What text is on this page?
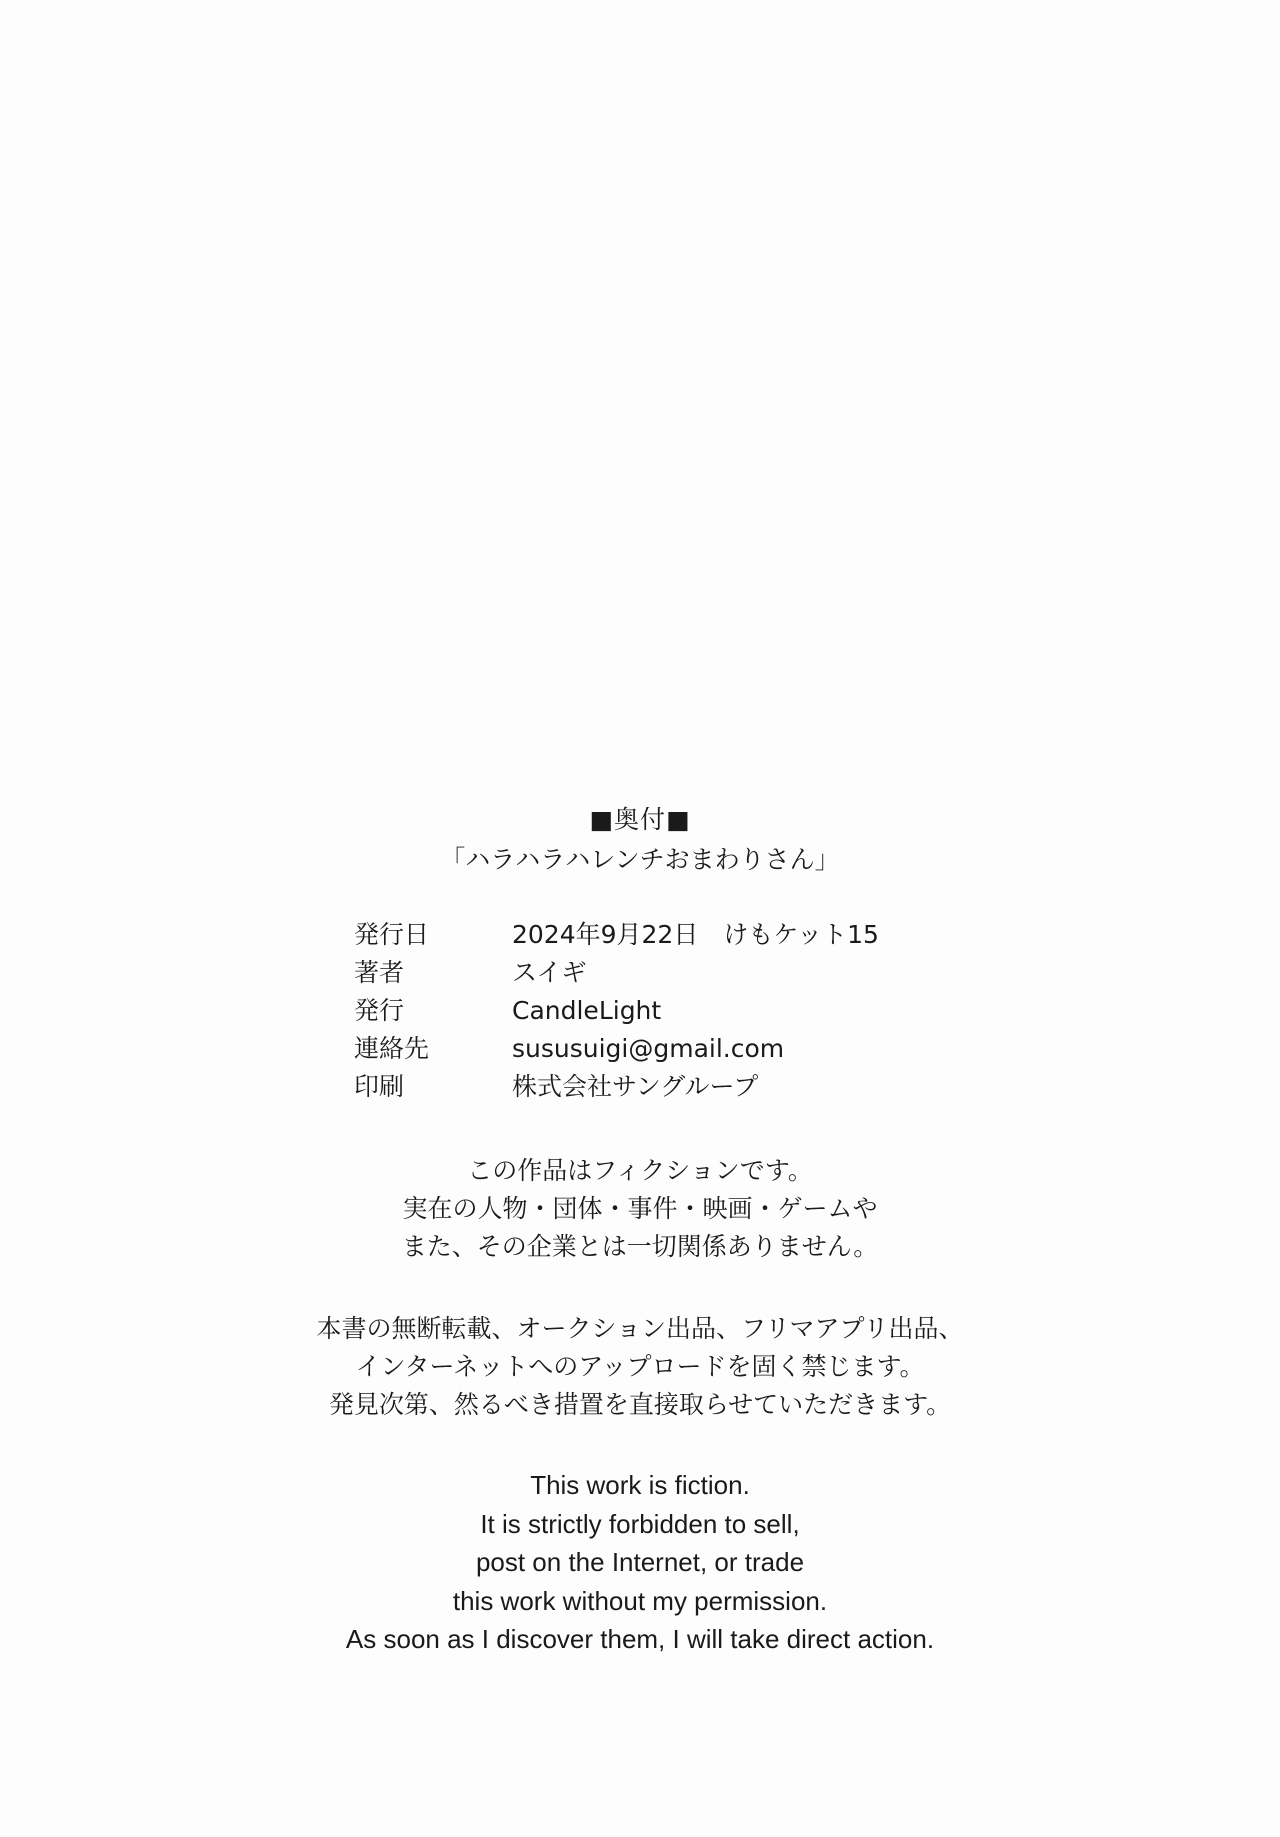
■奥付■
「ハラハラハレンチおまわりさん」
発行日	2024年9月22日　けもケット15
著者	スイギ
発行	CandleLight
連絡先	sususuigi@gmail.com
印刷	株式会社サングループ
この作品はフィクションです。
実在の人物・団体・事件・映画・ゲームや
また、その企業とは一切関係ありません。
本書の無断転載、オークション出品、フリマアプリ出品、
インターネットへのアップロードを固く禁じます。
発見次第、然るべき措置を直接取らせていただきます。
This work is fiction.
It is strictly forbidden to sell,
post on the Internet, or trade
this work without my permission.
As soon as I discover them, I will take direct action.
